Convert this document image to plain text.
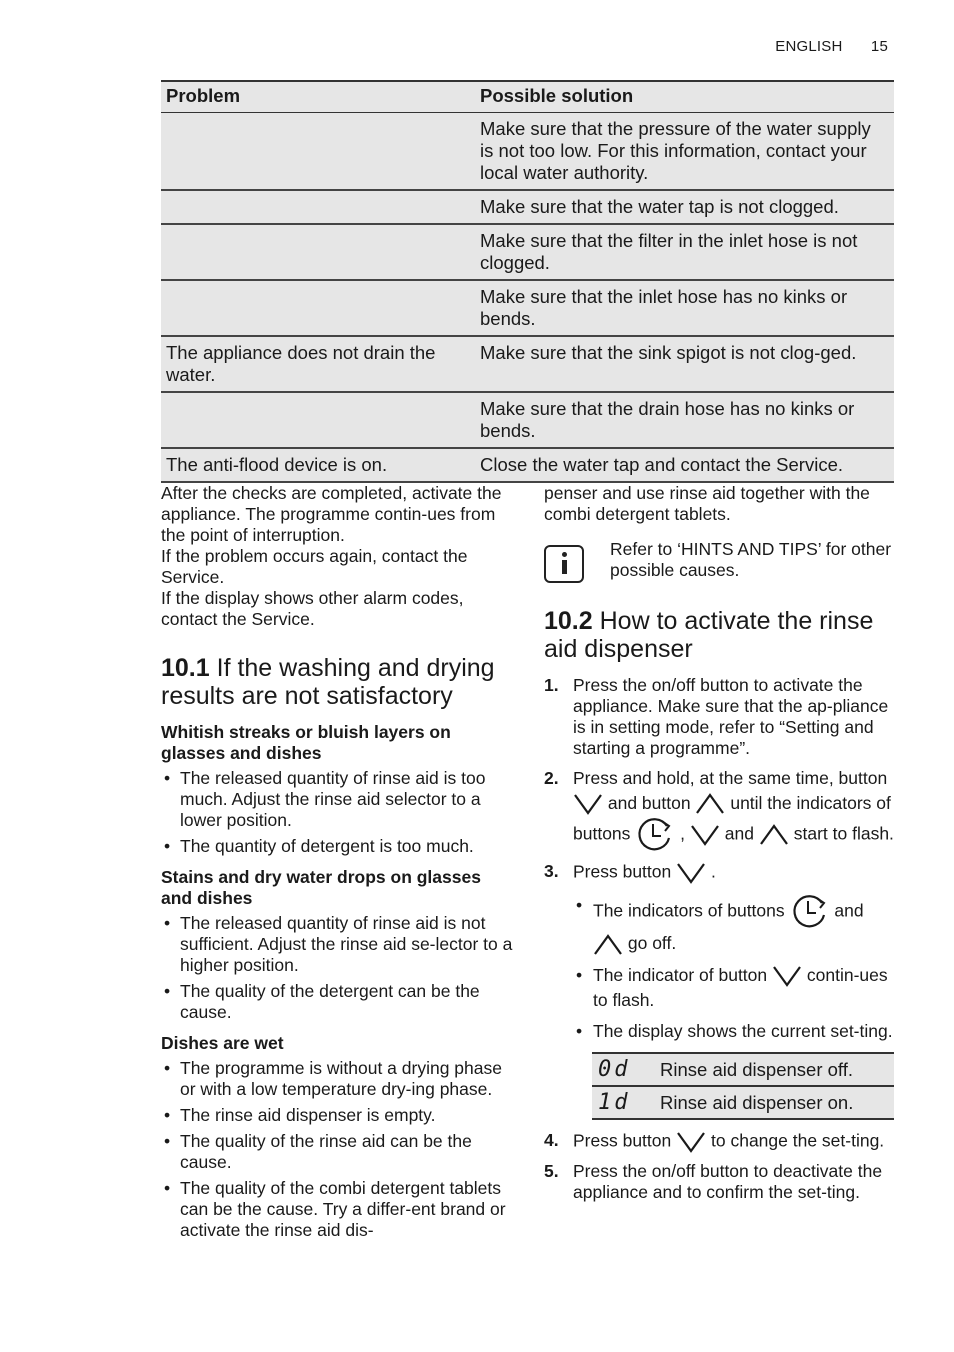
ENGLISH 15
Problem	Possible solution
	Make sure that the pressure of the water supply is not too low. For this information, contact your local water authority.
	Make sure that the water tap is not clogged.
	Make sure that the filter in the inlet hose is not clogged.
	Make sure that the inlet hose has no kinks or bends.
The appliance does not drain the water.	Make sure that the sink spigot is not clog-ged.
	Make sure that the drain hose has no kinks or bends.
The anti-flood device is on.	Close the water tap and contact the Service.

After the checks are completed, activate the appliance. The programme contin-ues from the point of interruption.

If the problem occurs again, contact the Service.

If the display shows other alarm codes, contact the Service.

10.1 If the washing and drying results are not satisfactory
Whitish streaks or bluish layers on glasses and dishes
• The released quantity of rinse aid is too much. Adjust the rinse aid selector to a lower position.
• The quantity of detergent is too much.
Stains and dry water drops on glasses and dishes
• The released quantity of rinse aid is not sufficient. Adjust the rinse aid se-lector to a higher position.
• The quality of the detergent can be the cause.
Dishes are wet
• The programme is without a drying phase or with a low temperature dry-ing phase.
• The rinse aid dispenser is empty.
• The quality of the rinse aid can be the cause.
• The quality of the combi detergent tablets can be the cause. Try a differ-ent brand or activate the rinse aid dis-

penser and use rinse aid together with the combi detergent tablets.

Refer to ‘HINTS AND TIPS’ for other possible causes.

10.2 How to activate the rinse aid dispenser
1. Press the on/off button to activate the appliance. Make sure that the ap-pliance is in setting mode, refer to “Setting and starting a programme”.
2. Press and hold, at the same time, button  and button until the indicators of buttons	, and start to flash.
3. Press button .
• The indicators of buttons	and  go off.
• The indicator of button contin-ues to flash.
• The display shows the current set-ting.
0d	Rinse aid dispenser off.
1d	Rinse aid dispenser on.
4. Press button to change the set-ting.
5. Press the on/off button to deactivate the appliance and to confirm the set-ting.
